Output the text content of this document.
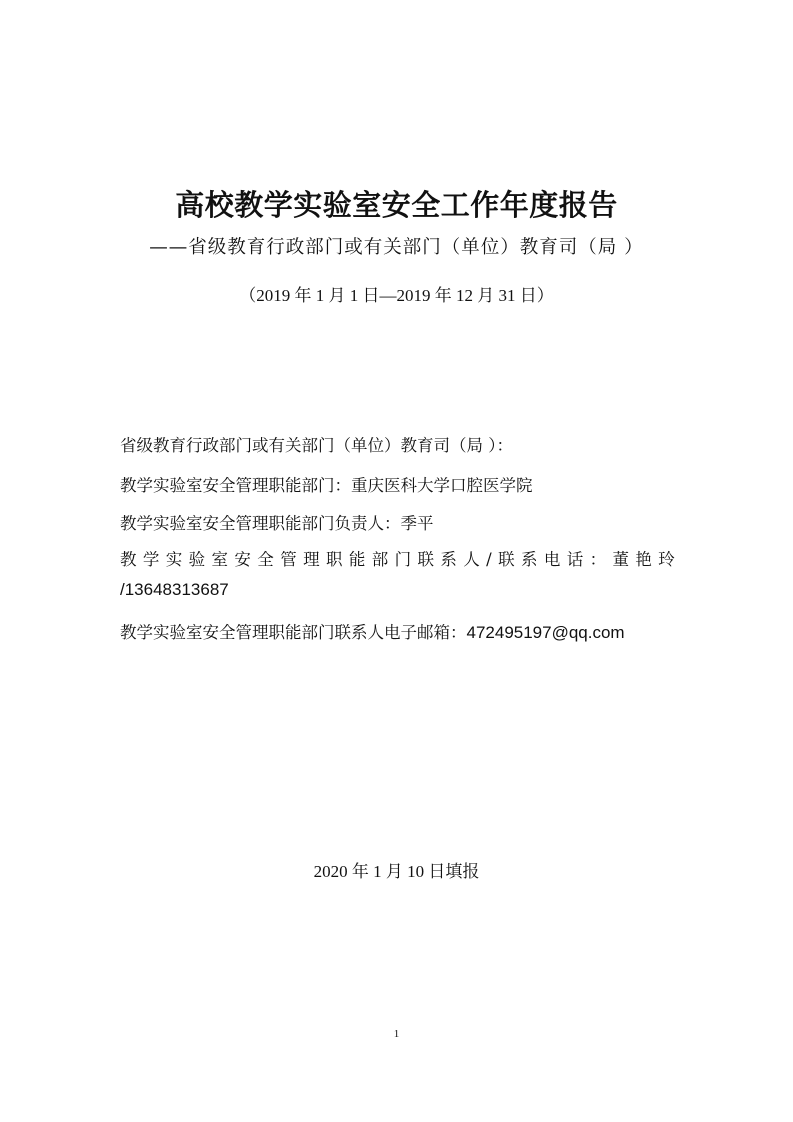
高校教学实验室安全工作年度报告
——省级教育行政部门或有关部门（单位）教育司（局 ）
（2019 年 1 月 1 日—2019 年 12 月 31 日）
省级教育行政部门或有关部门（单位）教育司（局 ）：
教学实验室安全管理职能部门：重庆医科大学口腔医学院
教学实验室安全管理职能部门负责人：季平
教学实验室安全管理职能部门联系人/联系电话：董艳玲
/13648313687
教学实验室安全管理职能部门联系人电子邮箱：472495197@qq.com
2020 年 1 月 10 日填报
1
